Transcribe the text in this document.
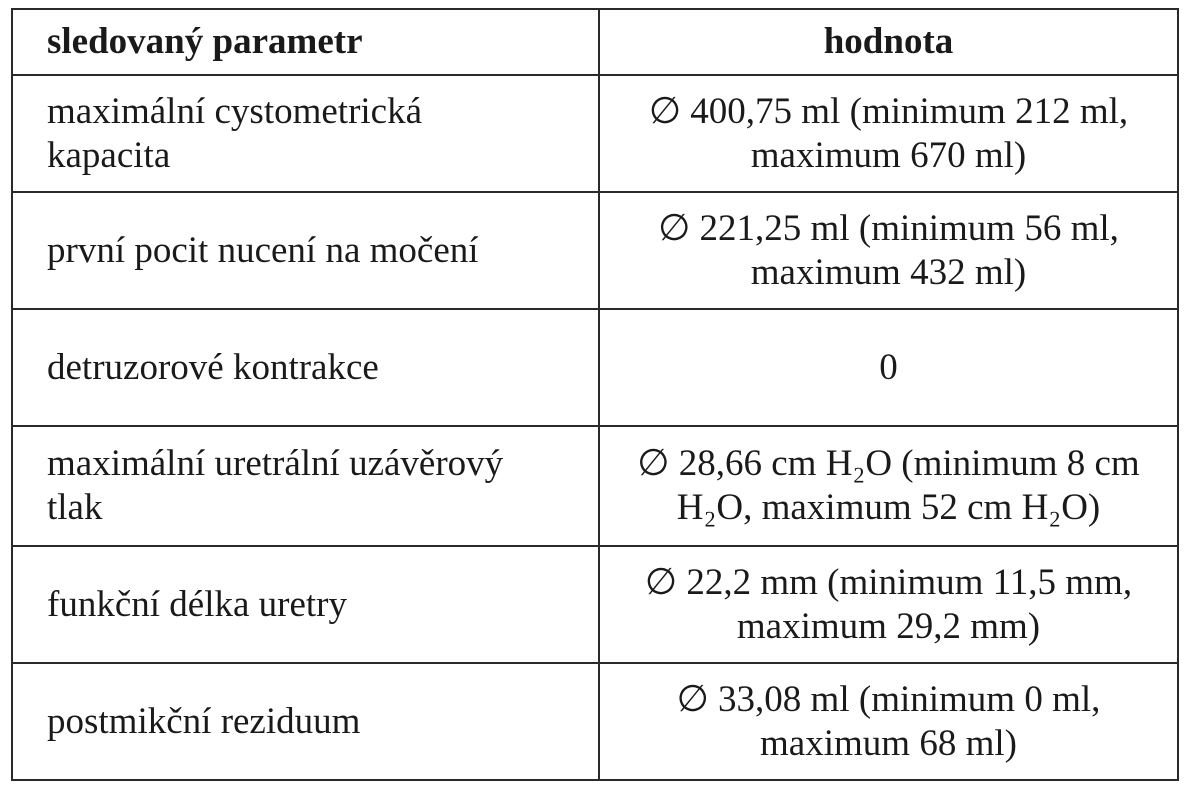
sledovaný parametr	hodnota

maximální cystometrická
kapacita	∅ 400,75 ml (minimum 212 ml,
maximum 670 ml)

první pocit nucení na močení	∅ 221,25 ml (minimum 56 ml,
maximum 432 ml)

detruzorové kontrakce	0

maximální uretrální uzávěrový
tlak	∅ 28,66 cm H₂O (minimum 8 cm
H₂O, maximum 52 cm H₂O)

funkční délka uretry	∅ 22,2 mm (minimum 11,5 mm,
maximum 29,2 mm)

postmikční reziduum	∅ 33,08 ml (minimum 0 ml,
maximum 68 ml)
